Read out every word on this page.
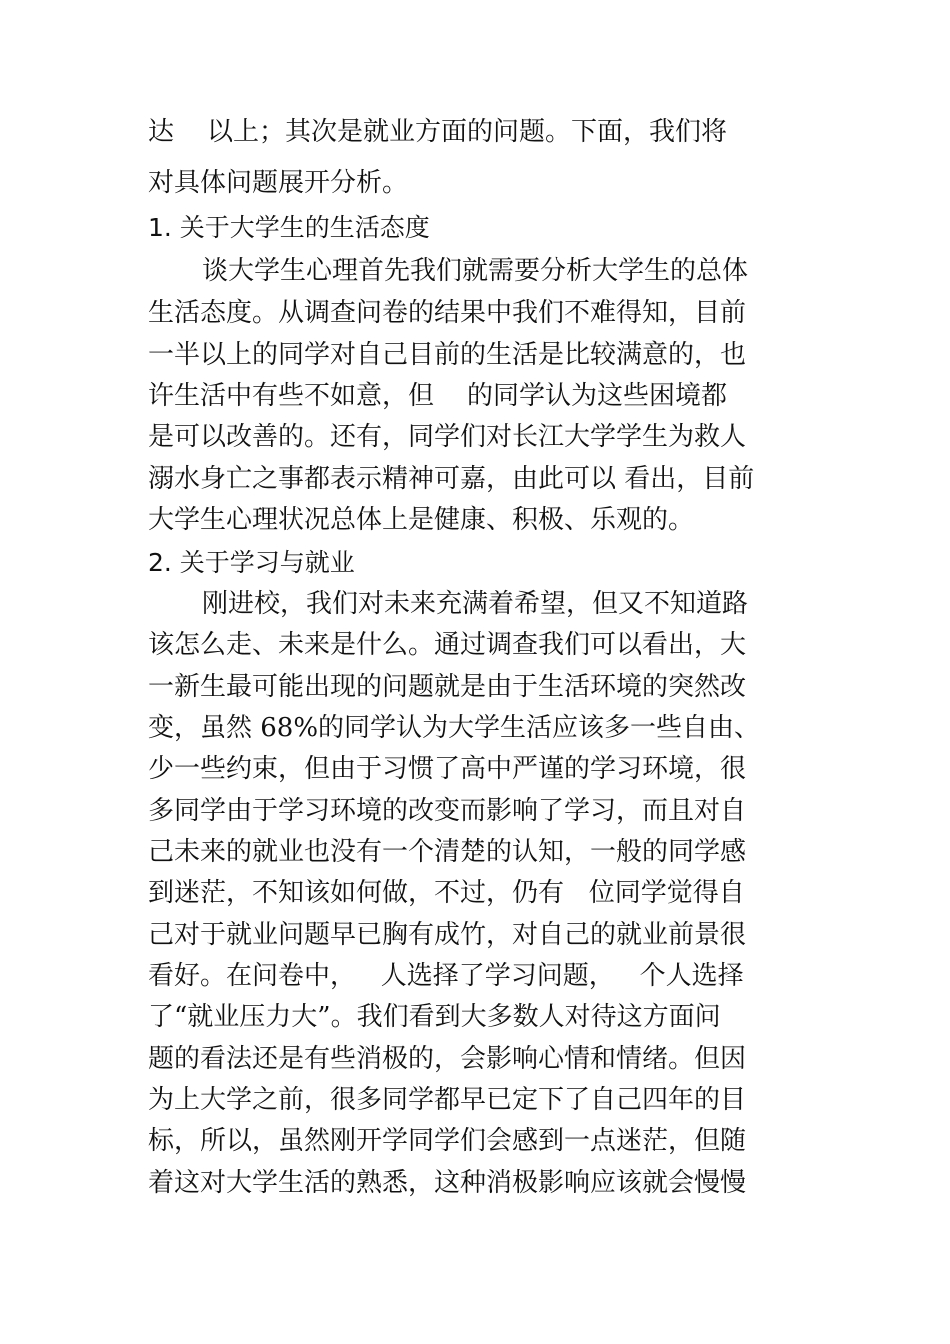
达    以上；其次是就业方面的问题。下面，我们将
对具体问题展开分析。
1. 关于大学生的生活态度
谈大学生心理首先我们就需要分析大学生的总体
生活态度。从调查问卷的结果中我们不难得知，目前
一半以上的同学对自己目前的生活是比较满意的，也
许生活中有些不如意，但    的同学认为这些困境都
是可以改善的。还有，同学们对长江大学学生为救人
溺水身亡之事都表示精神可嘉，由此可以 看出，目前
大学生心理状况总体上是健康、积极、乐观的。
2. 关于学习与就业
刚进校，我们对未来充满着希望，但又不知道路
该怎么走、未来是什么。通过调查我们可以看出，大
一新生最可能出现的问题就是由于生活环境的突然改
变，虽然 68%的同学认为大学生活应该多一些自由、
少一些约束，但由于习惯了高中严谨的学习环境，很
多同学由于学习环境的改变而影响了学习，而且对自
己未来的就业也没有一个清楚的认知，一般的同学感
到迷茫，不知该如何做，不过，仍有   位同学觉得自
己对于就业问题早已胸有成竹，对自己的就业前景很
看好。在问卷中，   人选择了学习问题，   个人选择
了“就业压力大”。我们看到大多数人对待这方面问
题的看法还是有些消极的，会影响心情和情绪。但因
为上大学之前，很多同学都早已定下了自己四年的目
标，所以，虽然刚开学同学们会感到一点迷茫，但随
着这对大学生活的熟悉，这种消极影响应该就会慢慢
